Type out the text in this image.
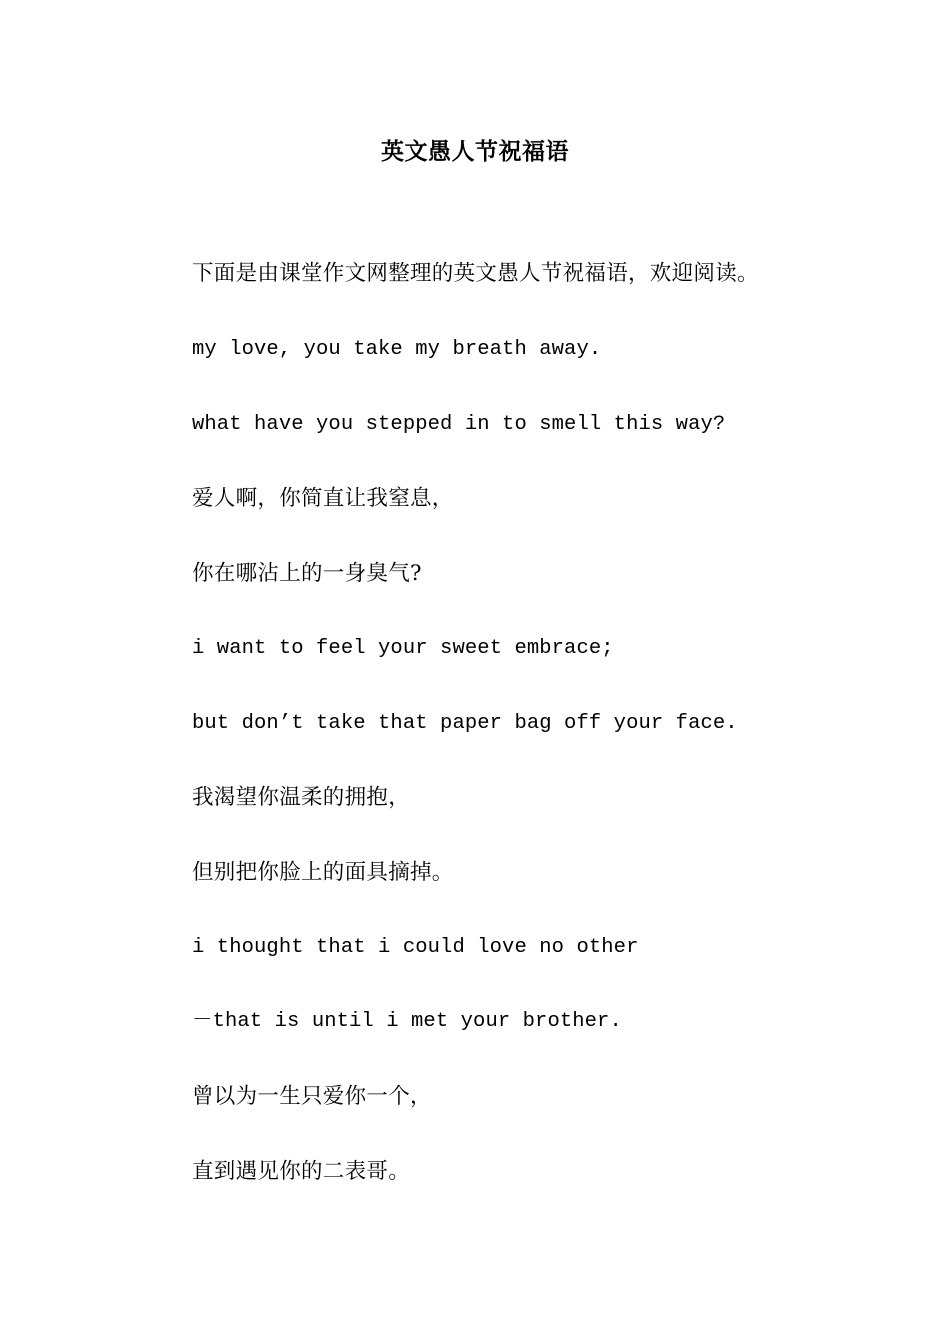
英文愚人节祝福语
下面是由课堂作文网整理的英文愚人节祝福语，欢迎阅读。
my love, you take my breath away.
what have you stepped in to smell this way?
爱人啊，你简直让我窒息，
你在哪沾上的一身臭气?
i want to feel your sweet embrace;
but don’t take that paper bag off your face.
我渴望你温柔的拥抱，
但别把你脸上的面具摘掉。
i thought that i could love no other
－that is until i met your brother.
曾以为一生只爱你一个，
直到遇见你的二表哥。
